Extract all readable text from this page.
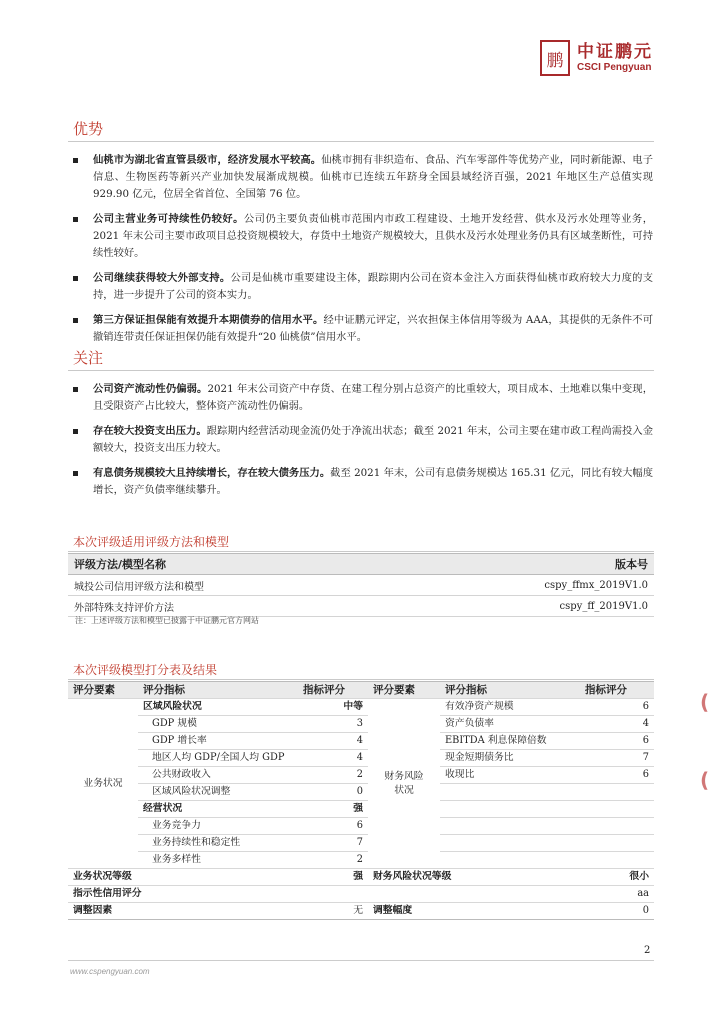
鹏 中证鹏元
CSCI Pengyuan
优势
仙桃市为湖北省直管县级市，经济发展水平较高。仙桃市拥有非织造布、食品、汽车零部件等优势产业，同时新能源、电子信息、生物医药等新兴产业加快发展渐成规模。仙桃市已连续五年跻身全国县域经济百强，2021 年地区生产总值实现 929.90 亿元，位居全省首位、全国第 76 位。
公司主营业务可持续性仍较好。公司仍主要负责仙桃市范围内市政工程建设、土地开发经营、供水及污水处理等业务，2021 年末公司主要市政项目总投资规模较大，存货中土地资产规模较大，且供水及污水处理业务仍具有区域垄断性，可持续性较好。
公司继续获得较大外部支持。公司是仙桃市重要建设主体，跟踪期内公司在资本金注入方面获得仙桃市政府较大力度的支持，进一步提升了公司的资本实力。
第三方保证担保能有效提升本期债券的信用水平。经中证鹏元评定，兴农担保主体信用等级为 AAA，其提供的无条件不可撤销连带责任保证担保仍能有效提升“20 仙桃债”信用水平。
关注
公司资产流动性仍偏弱。2021 年末公司资产中存货、在建工程分别占总资产的比重较大，项目成本、土地难以集中变现，且受限资产占比较大，整体资产流动性仍偏弱。
存在较大投资支出压力。跟踪期内经营活动现金流仍处于净流出状态；截至 2021 年末，公司主要在建市政工程尚需投入金额较大，投资支出压力较大。
有息债务规模较大且持续增长，存在较大债务压力。截至 2021 年末，公司有息债务规模达 165.31 亿元，同比有较大幅度增长，资产负债率继续攀升。
本次评级适用评级方法和模型
评级方法/模型名称	版本号
城投公司信用评级方法和模型	cspy_ffmx_2019V1.0
外部特殊支持评价方法	cspy_ff_2019V1.0
注：上述评级方法和模型已披露于中证鹏元官方网站
本次评级模型打分表及结果
评分要素	评分指标	指标评分	评分要素	评分指标	指标评分
业务状况	区域风险状况	中等	财务风险状况	有效净资产规模	6
	GDP 规模	3		资产负债率	4
	GDP 增长率	4		EBITDA 利息保障倍数	6
	地区人均 GDP/全国人均 GDP	4		现金短期债务比	7
	公共财政收入	2		收现比	6
	区域风险状况调整	0			
	经营状况	强			
	业务竞争力	6			
	业务持续性和稳定性	7			
	业务多样性	2			
业务状况等级		强	财务风险状况等级		很小
指示性信用评分					aa
调整因素		无	调整幅度		0
(
(
2
www.cspengyuan.com
